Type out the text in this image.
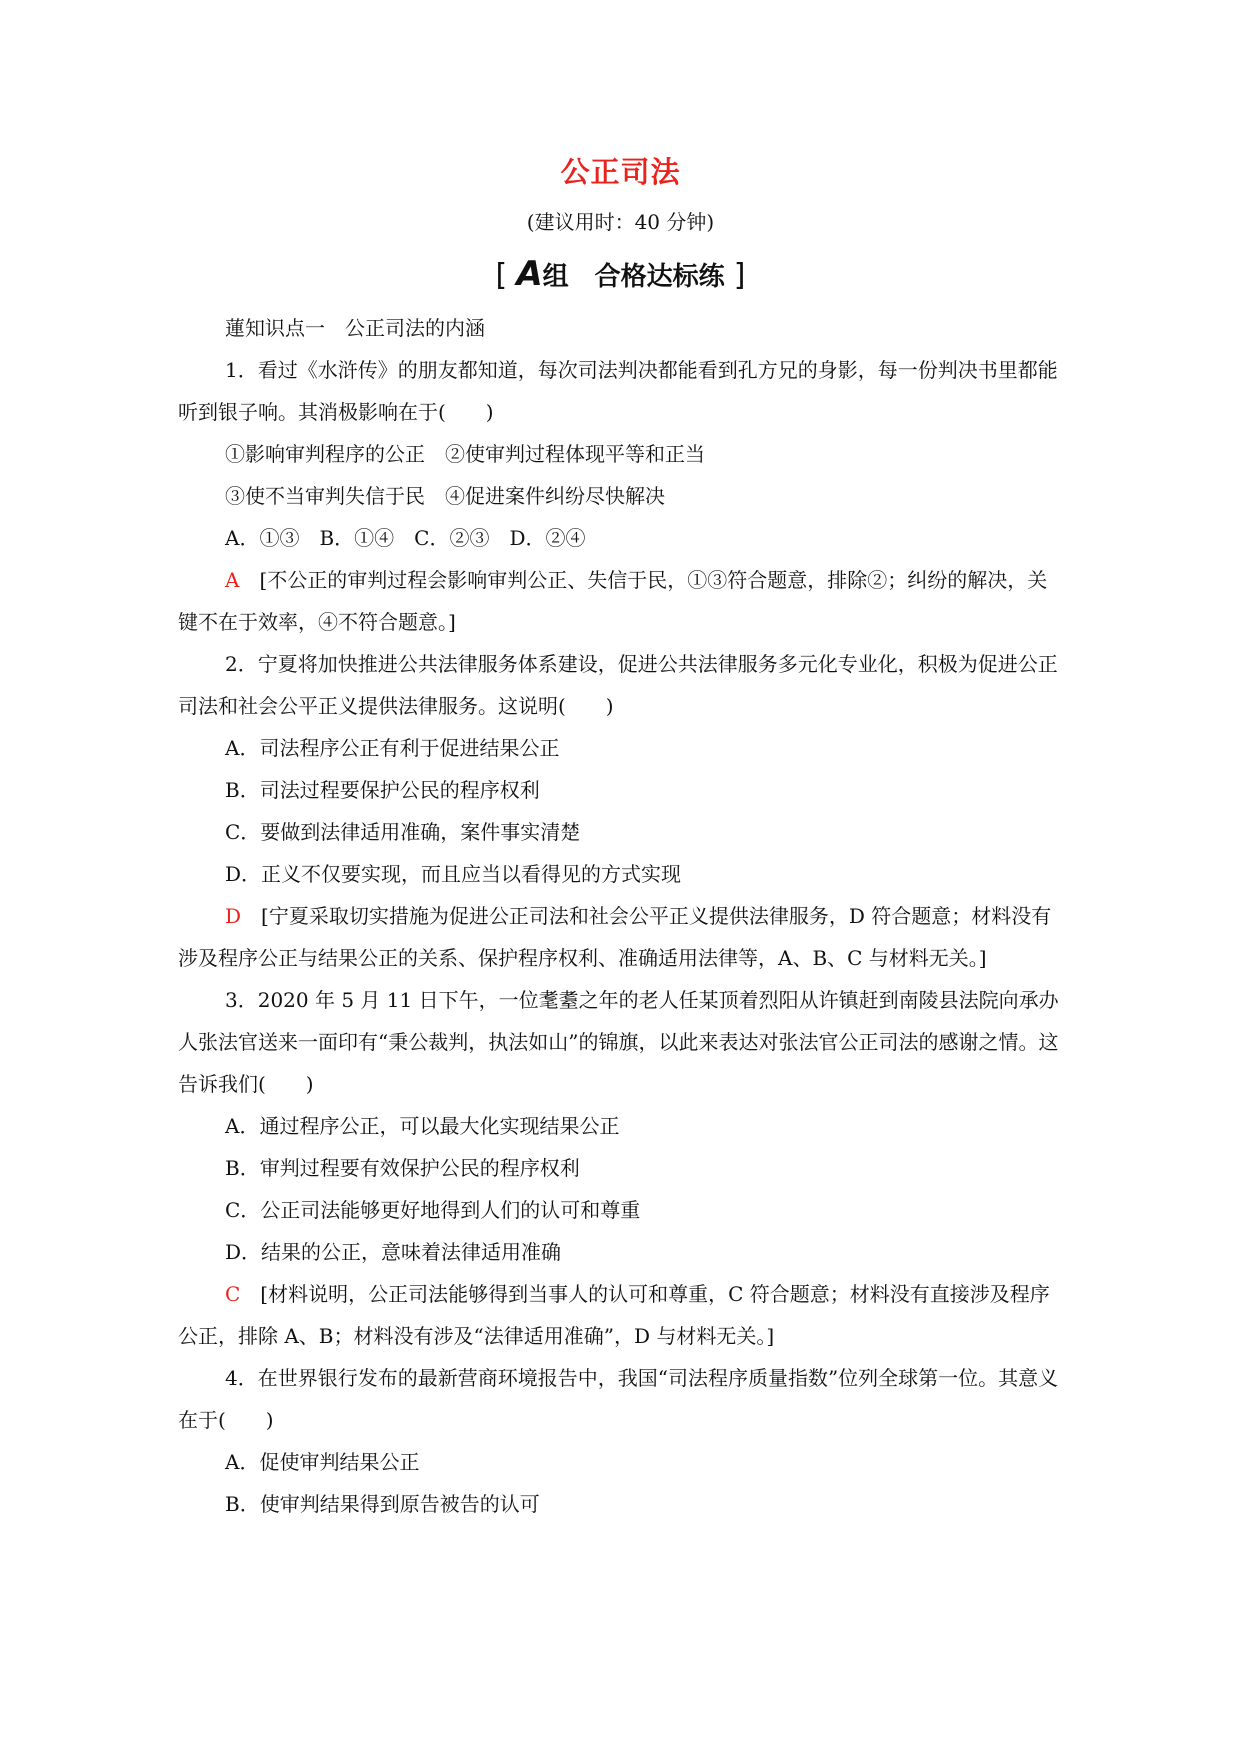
公正司法
(建议用时：40 分钟)
[ A组　合格达标练 ]

蓮知识点一　公正司法的内涵

1．看过《水浒传》的朋友都知道，每次司法判决都能看到孔方兄的身影，每一份判决书里都能听到银子响。其消极影响在于(　　)

①影响审判程序的公正　②使审判过程体现平等和正当

③使不当审判失信于民　④促进案件纠纷尽快解决

A．①③　B．①④　C．②③　D．②④

A　[不公正的审判过程会影响审判公正、失信于民，①③符合题意，排除②；纠纷的解决，关键不在于效率，④不符合题意。]

2．宁夏将加快推进公共法律服务体系建设，促进公共法律服务多元化专业化，积极为促进公正司法和社会公平正义提供法律服务。这说明(　　)

A．司法程序公正有利于促进结果公正

B．司法过程要保护公民的程序权利

C．要做到法律适用准确，案件事实清楚

D．正义不仅要实现，而且应当以看得见的方式实现

D　[宁夏采取切实措施为促进公正司法和社会公平正义提供法律服务，D 符合题意；材料没有涉及程序公正与结果公正的关系、保护程序权利、准确适用法律等，A、B、C 与材料无关。]

3．2020 年 5 月 11 日下午，一位耄耋之年的老人任某顶着烈阳从许镇赶到南陵县法院向承办人张法官送来一面印有“秉公裁判，执法如山”的锦旗，以此来表达对张法官公正司法的感谢之情。这告诉我们(　　)

A．通过程序公正，可以最大化实现结果公正

B．审判过程要有效保护公民的程序权利

C．公正司法能够更好地得到人们的认可和尊重

D．结果的公正，意味着法律适用准确

C　[材料说明，公正司法能够得到当事人的认可和尊重，C 符合题意；材料没有直接涉及程序公正，排除 A、B；材料没有涉及“法律适用准确”，D 与材料无关。]

4．在世界银行发布的最新营商环境报告中，我国“司法程序质量指数”位列全球第一位。其意义在于(　　)

A．促使审判结果公正

B．使审判结果得到原告被告的认可
